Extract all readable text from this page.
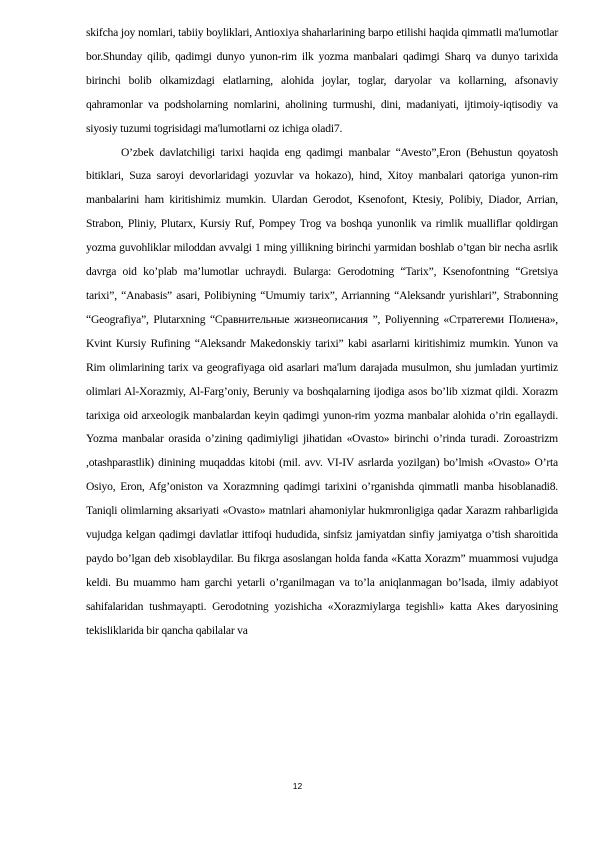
skifcha joy nomlari, tabiiy boyliklari, Antioxiya shaharlarining barpo etilishi haqida qimmatli ma'lumotlar bor.Shunday qilib, qadimgi dunyo yunon-rim ilk yozma manbalari qadimgi Sharq va dunyo tarixida birinchi bolib olkamizdagi elatlarning, alohida joylar, toglar, daryolar va kollarning, afsonaviy qahramonlar va podsholarning nomlarini, aholining turmushi, dini, madaniyati, ijtimoiy-iqtisodiy va siyosiy tuzumi togrisidagi ma'lumotlarni oz ichiga oladi7.

O’zbek davlatchiligi tarixi haqida eng qadimgi manbalar “Avesto”,Eron (Behustun qoyatosh bitiklari, Suza saroyi devorlaridagi yozuvlar va hokazo), hind, Xitoy manbalari qatoriga yunon-rim manbalarini ham kiritishimiz mumkin. Ulardan Gerodot, Ksenofont, Ktesiy, Polibiy, Diador, Arrian, Strabon, Pliniy, Plutarx, Kursiy Ruf, Pompey Trog va boshqa yunonlik va rimlik mualliflar qoldirgan yozma guvohliklar miloddan avvalgi 1 ming yillikning birinchi yarmidan boshlab o’tgan bir necha asrlik davrga oid ko’plab ma’lumotlar uchraydi. Bularga: Gerodotning “Tarix”, Ksenofontning “Gretsiya tarixi”, “Anabasis” asari, Polibiyning “Umumiy tarix”, Arrianning “Aleksandr yurishlari”, Strabonning “Geografiya”, Plutarxning “Сравнительные жизнеописания ”, Poliyenning «Стратегеми Полиена», Kvint Kursiy Rufining “Aleksandr Makedonskiy tarixi” kabi asarlarni kiritishimiz mumkin. Yunon va Rim olimlarining tarix va geografiyaga oid asarlari ma'lum darajada musulmon, shu jumladan yurtimiz olimlari Al-Xorazmiy, Al-Farg’oniy, Beruniy va boshqalarning ijodiga asos bo’lib xizmat qildi. Xorazm tarixiga oid arxeologik manbalardan keyin qadimgi yunon-rim yozma manbalar alohida o’rin egallaydi. Yozma manbalar orasida o’zining qadimiyligi jihatidan «Ovasto» birinchi o’rinda turadi. Zoroastrizm ,otashparastlik) dinining muqaddas kitobi (mil. avv. VI-IV asrlarda yozilgan) bo’lmish «Ovasto» O’rta Osiyo, Eron, Afg’oniston va Xorazmning qadimgi tarixini o’rganishda qimmatli manba hisoblanadi8. Taniqli olimlarning aksariyati «Ovasto» matnlari ahamoniylar hukmronligiga qadar Xarazm rahbarligida vujudga kelgan qadimgi davlatlar ittifoqi hududida, sinfsiz jamiyatdan sinfiy jamiyatga o’tish sharoitida paydo bo’lgan deb xisoblaydilar. Bu fikrga asoslangan holda fanda «Katta Xorazm” muammosi vujudga keldi. Bu muammo ham garchi yetarli o’rganilmagan va to’la aniqlanmagan bo’lsada, ilmiy adabiyot sahifalaridan tushmayapti. Gerodotning yozishicha «Xorazmiylarga tegishli» katta Akes daryosining tekisliklarida bir qancha qabilalar va

12
